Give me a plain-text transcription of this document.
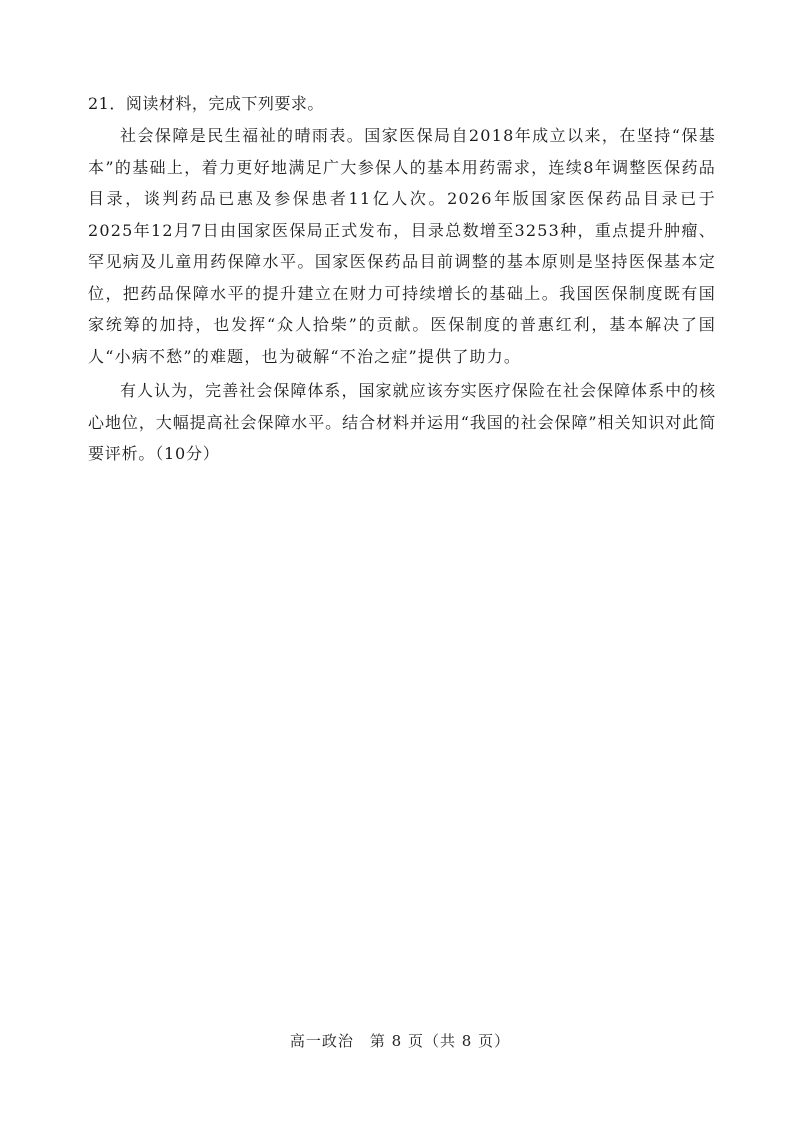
21．阅读材料，完成下列要求。
社会保障是民生福祉的晴雨表。国家医保局自2018年成立以来，在坚持“保基本”的基础上，着力更好地满足广大参保人的基本用药需求，连续8年调整医保药品目录，谈判药品已惠及参保患者11亿人次。2026年版国家医保药品目录已于2025年12月7日由国家医保局正式发布，目录总数增至3253种，重点提升肿瘤、罕见病及儿童用药保障水平。国家医保药品目前调整的基本原则是坚持医保基本定位，把药品保障水平的提升建立在财力可持续增长的基础上。我国医保制度既有国家统筹的加持，也发挥“众人拾柴”的贡献。医保制度的普惠红利，基本解决了国人“小病不愁”的难题，也为破解“不治之症”提供了助力。
有人认为，完善社会保障体系，国家就应该夯实医疗保险在社会保障体系中的核心地位，大幅提高社会保障水平。结合材料并运用“我国的社会保障”相关知识对此简要评析。（10分）
高一政治　第 8 页（共 8 页）
